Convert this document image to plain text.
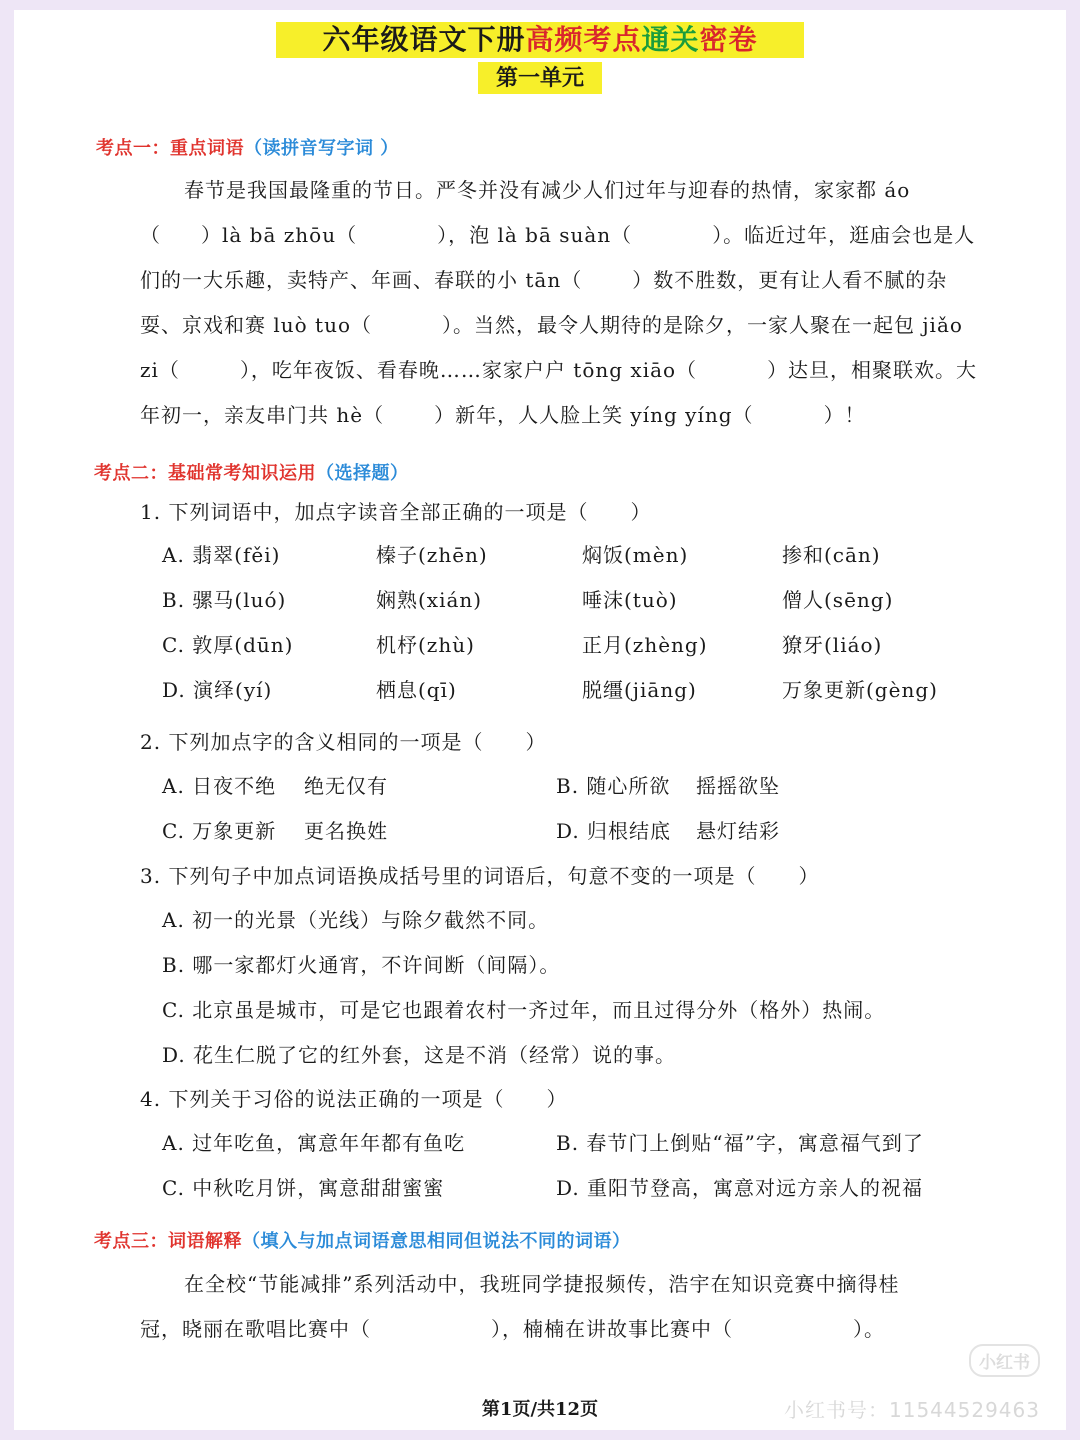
六年级语文下册高频考点通关密卷
第一单元
考点一：重点词语（读拼音写字词 ）
春节是我国最隆重的节日。严冬并没有减少人们过年与迎春的热情，家家都 áo
（ ）là bā zhōu（	），泡 là bā suàn（	）。临近过年，逛庙会也是人
们的一大乐趣，卖特产、年画、春联的小 tān（	）数不胜数，更有让人看不腻的杂
耍、京戏和赛 luò tuo（	）。当然，最令人期待的是除夕，一家人聚在一起包 jiǎo
zi（	），吃年夜饭、看春晚……家家户户 tōng xiāo（	）达旦，相聚联欢。大
年初一，亲友串门共 hè（	）新年，人人脸上笑 yíng yíng（	）！
考点二：基础常考知识运用（选择题）
1. 下列词语中，加点字读音全部正确的一项是（　　）
A. 翡翠(fěi)	榛子(zhēn)	焖饭(mèn)	掺和(cān)
B. 骡马(luó)	娴熟(xián)	唾沫(tuò)	僧人(sēng)
C. 敦厚(dūn)	机杼(zhù)	正月(zhèng)	獠牙(liáo)
D. 演绎(yí)	栖息(qī)	脱缰(jiāng)	万象更新(gèng)
2. 下列加点字的含义相同的一项是（　　）
A. 日夜不绝 绝无仅有	B. 随心所欲 摇摇欲坠
C. 万象更新 更名换姓	D. 归根结底 悬灯结彩
3. 下列句子中加点词语换成括号里的词语后，句意不变的一项是（　　）
A. 初一的光景（光线）与除夕截然不同。
B. 哪一家都灯火通宵，不许间断（间隔）。
C. 北京虽是城市，可是它也跟着农村一齐过年，而且过得分外（格外）热闹。
D. 花生仁脱了它的红外套，这是不消（经常）说的事。
4. 下列关于习俗的说法正确的一项是（　　）
A. 过年吃鱼，寓意年年都有鱼吃	B. 春节门上倒贴“福”字，寓意福气到了
C. 中秋吃月饼，寓意甜甜蜜蜜	D. 重阳节登高，寓意对远方亲人的祝福
考点三：词语解释（填入与加点词语意思相同但说法不同的词语）
在全校“节能减排”系列活动中，我班同学捷报频传，浩宇在知识竞赛中摘得桂
冠，晓丽在歌唱比赛中（	），楠楠在讲故事比赛中（	）。
小红书
小红书号：1154452946​3
第1页/共12页
